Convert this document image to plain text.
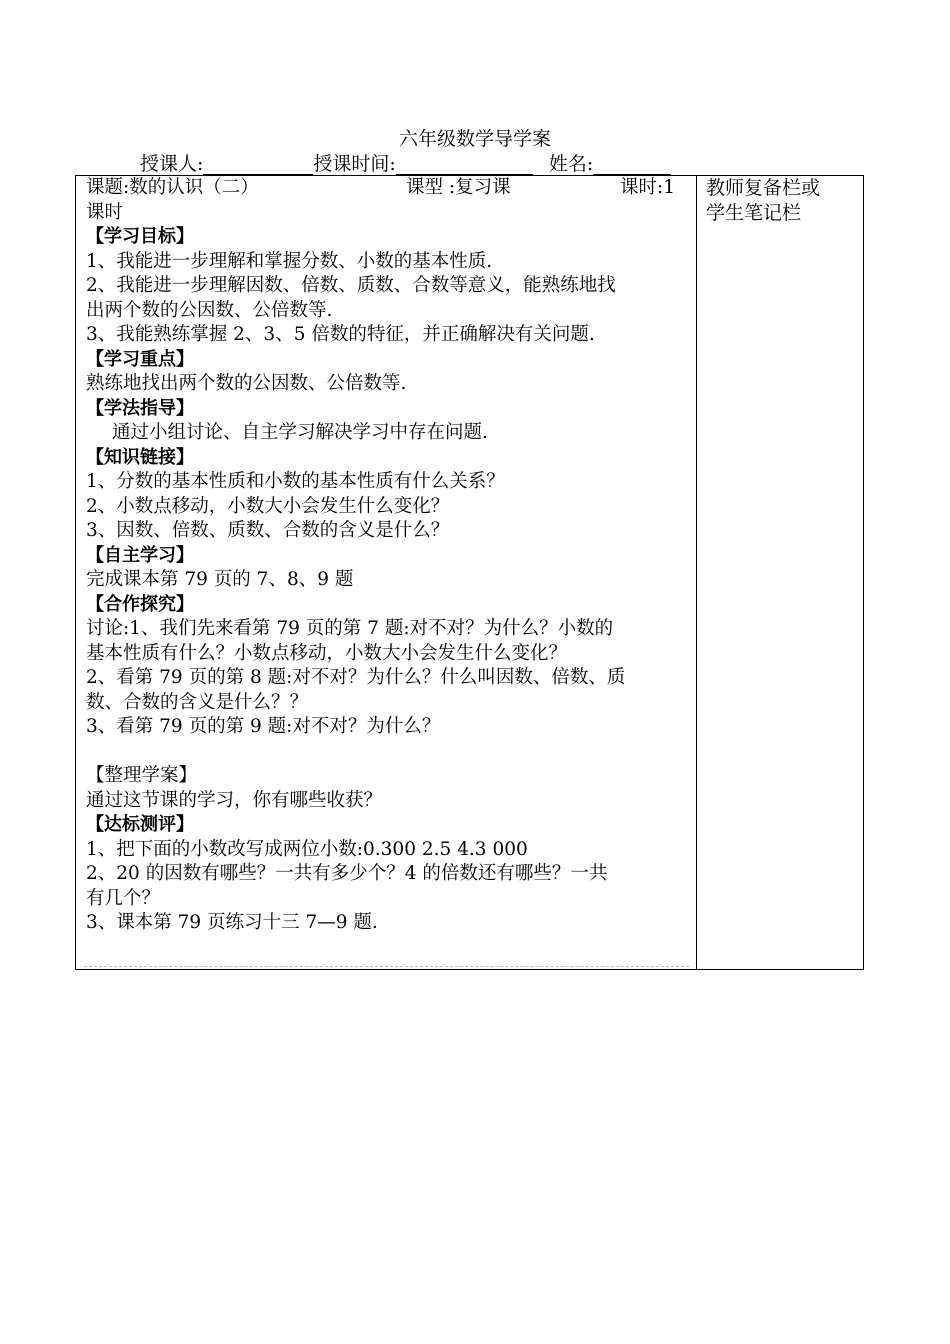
六年级数学导学案
授课人:	授课时间:	姓名:
课题:数的认识（二）	课型 :复习课	课时:1
课时
【学习目标】
1、我能进一步理解和掌握分数、小数的基本性质.
2、我能进一步理解因数、倍数、质数、合数等意义，能熟练地找
出两个数的公因数、公倍数等.
3、我能熟练掌握 2、3、5 倍数的特征，并正确解决有关问题.
【学习重点】
熟练地找出两个数的公因数、公倍数等.
【学法指导】
通过小组讨论、自主学习解决学习中存在问题.
【知识链接】
1、分数的基本性质和小数的基本性质有什么关系？
2、小数点移动，小数大小会发生什么变化？
3、因数、倍数、质数、合数的含义是什么？
【自主学习】
完成课本第 79 页的 7、8、9 题
【合作探究】
讨论:1、我们先来看第 79 页的第 7 题:对不对？为什么？小数的
基本性质有什么？小数点移动，小数大小会发生什么变化？
2、看第 79 页的第 8 题:对不对？为什么？什么叫因数、倍数、质
数、合数的含义是什么？？
3、看第 79 页的第 9 题:对不对？为什么？
【整理学案】
通过这节课的学习，你有哪些收获？
【达标测评】
1、把下面的小数改写成两位小数:0.300 2.5 4.3 000
2、20 的因数有哪些？一共有多少个？4 的倍数还有哪些？一共
有几个？
3、课本第 79 页练习十三 7—9 题.
教师复备栏或
学生笔记栏
